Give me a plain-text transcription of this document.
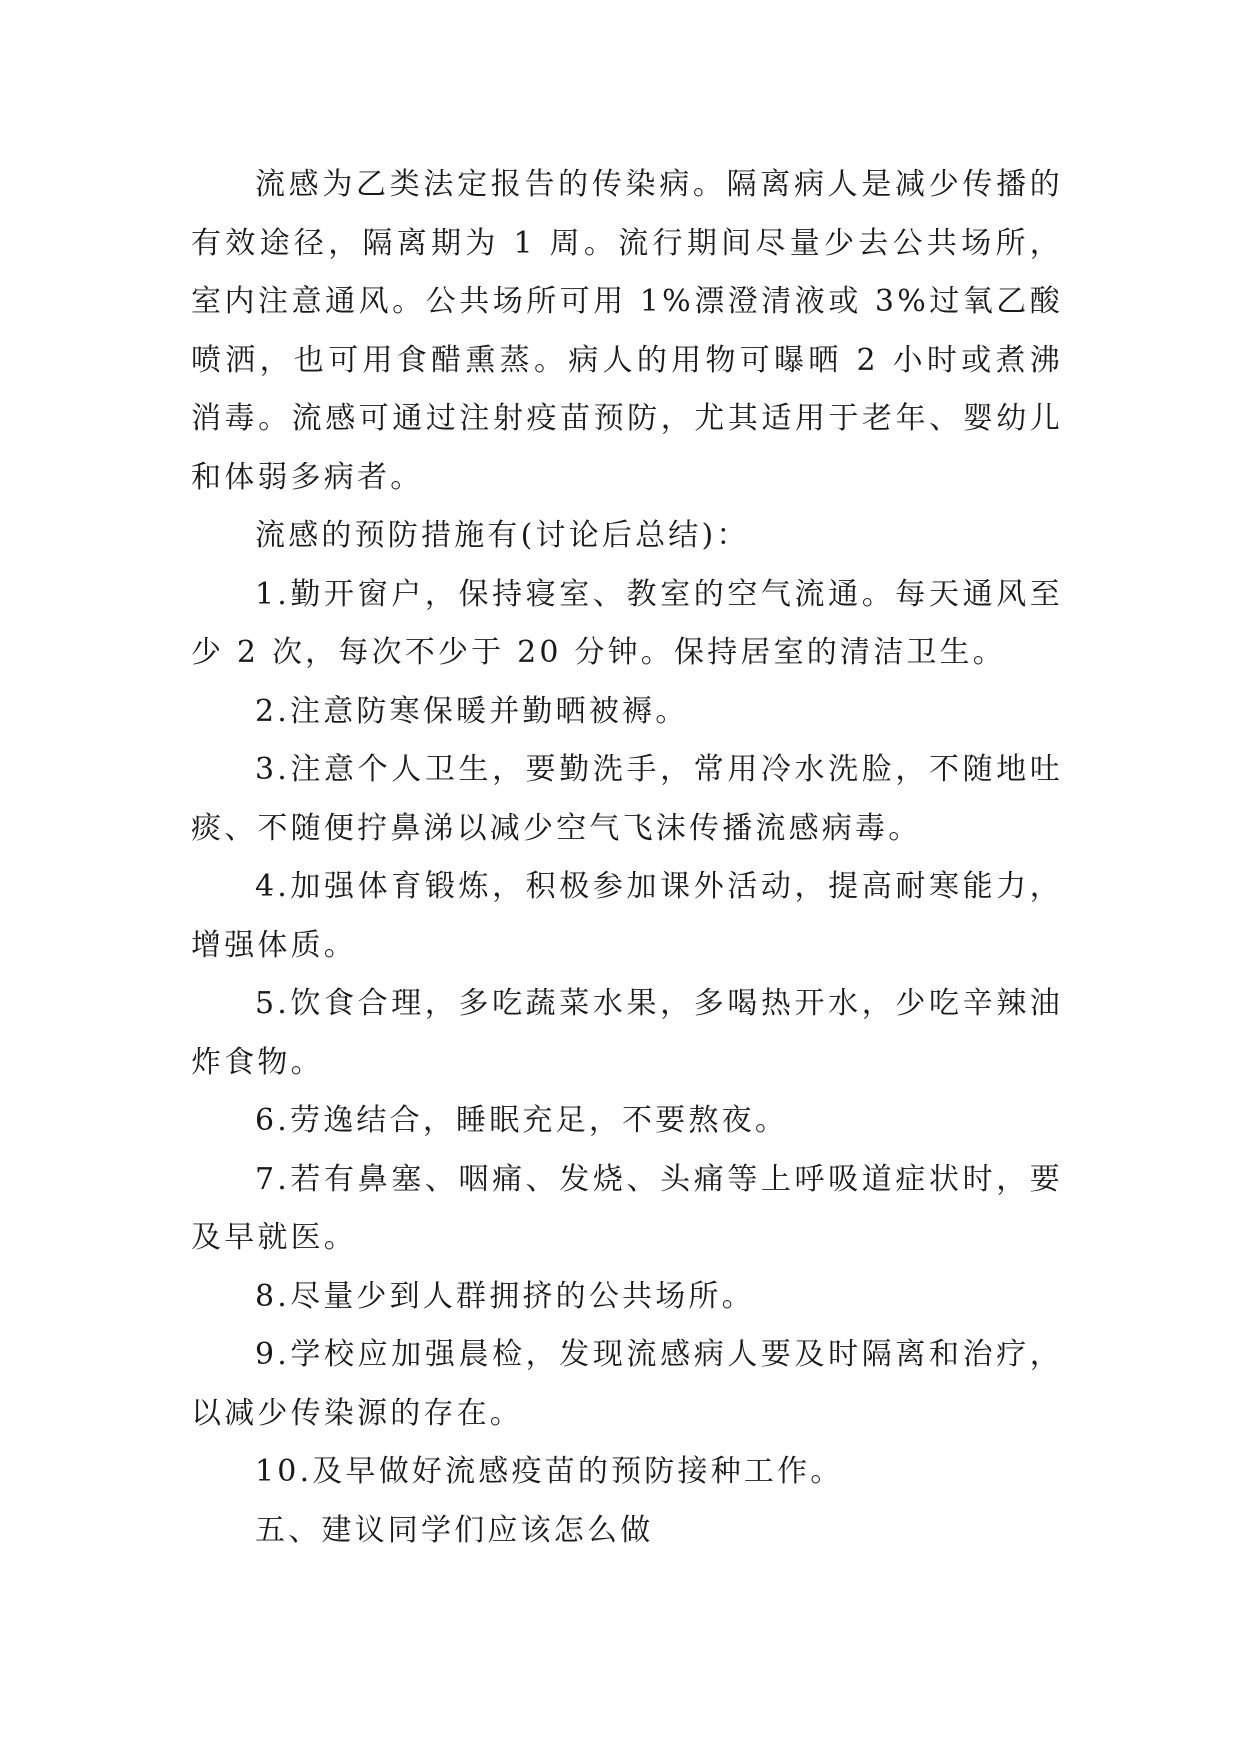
流感为乙类法定报告的传染病。隔离病人是减少传播的有效途径，隔离期为 1 周。流行期间尽量少去公共场所，室内注意通风。公共场所可用 1%漂澄清液或 3%过氧乙酸喷洒，也可用食醋熏蒸。病人的用物可曝晒 2 小时或煮沸消毒。流感可通过注射疫苗预防，尤其适用于老年、婴幼儿和体弱多病者。

流感的预防措施有(讨论后总结)：

1.勤开窗户，保持寝室、教室的空气流通。每天通风至少 2 次，每次不少于 20 分钟。保持居室的清洁卫生。

2.注意防寒保暖并勤晒被褥。

3.注意个人卫生，要勤洗手，常用冷水洗脸，不随地吐痰、不随便拧鼻涕以减少空气飞沫传播流感病毒。

4.加强体育锻炼，积极参加课外活动，提高耐寒能力，增强体质。

5.饮食合理，多吃蔬菜水果，多喝热开水，少吃辛辣油炸食物。

6.劳逸结合，睡眠充足，不要熬夜。

7.若有鼻塞、咽痛、发烧、头痛等上呼吸道症状时，要及早就医。

8.尽量少到人群拥挤的公共场所。

9.学校应加强晨检，发现流感病人要及时隔离和治疗，以减少传染源的存在。

10.及早做好流感疫苗的预防接种工作。

五、建议同学们应该怎么做
